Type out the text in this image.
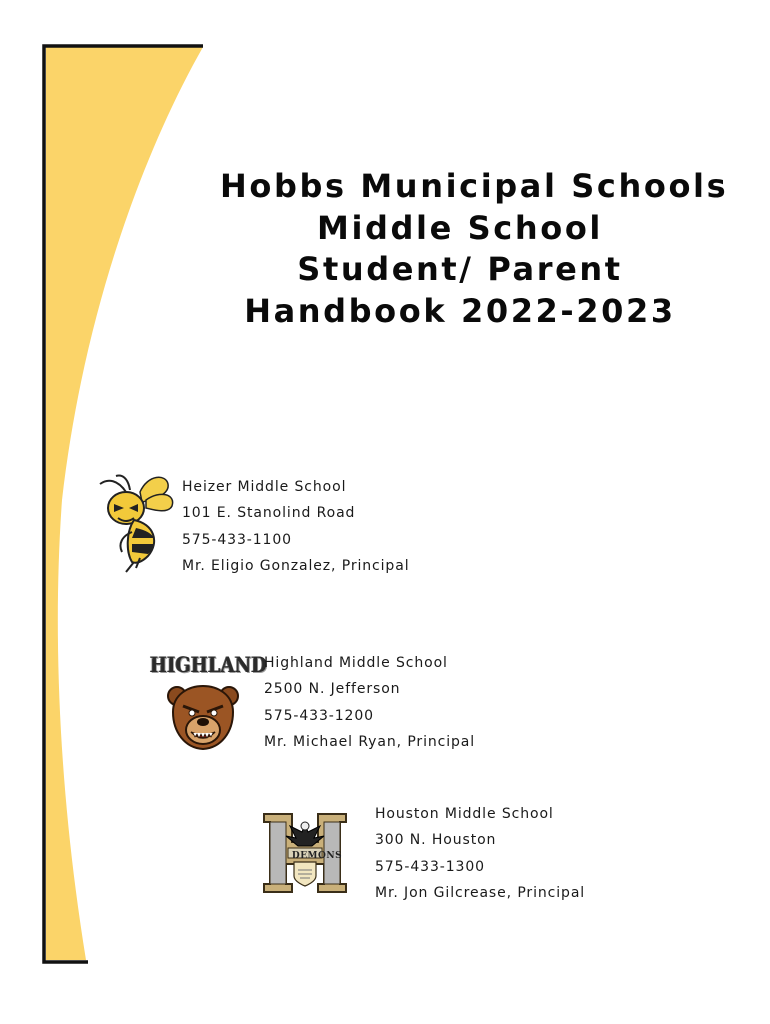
Hobbs Municipal Schools
Middle School
Student/ Parent
Handbook 2022-2023
Heizer Middle School
101 E. Stanolind Road
575-433-1100
Mr. Eligio Gonzalez, Principal
HIGHLAND
Highland Middle School
2500 N. Jefferson
575-433-1200
Mr. Michael Ryan, Principal
DEMONS
Houston Middle School
300 N. Houston
575-433-1300
Mr. Jon Gilcrease, Principal
